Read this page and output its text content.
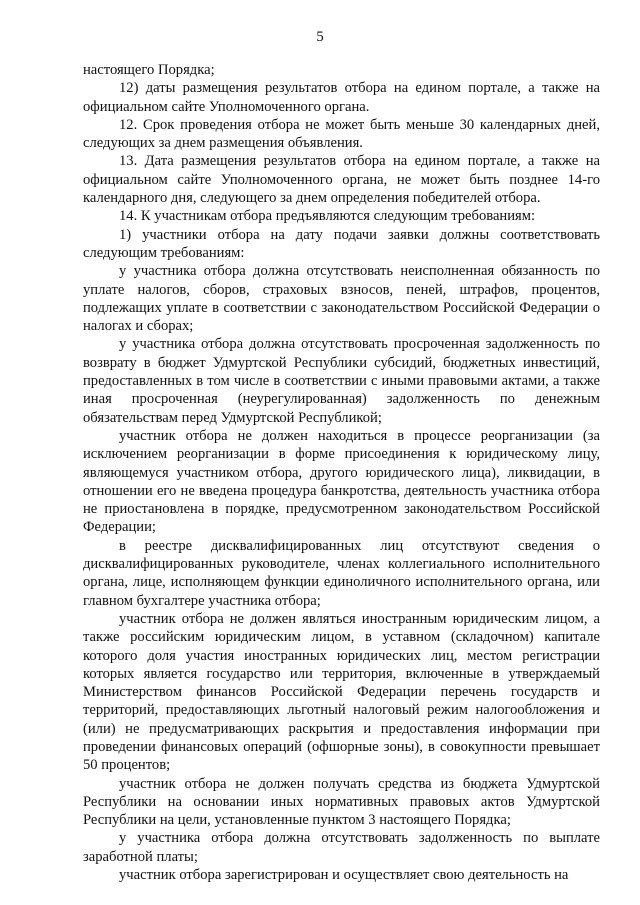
5

настоящего Порядка;

12) даты размещения результатов отбора на едином портале, а также на официальном сайте Уполномоченного органа.

12. Срок проведения отбора не может быть меньше 30 календарных дней, следующих за днем размещения объявления.

13. Дата размещения результатов отбора на едином портале, а также на официальном сайте Уполномоченного органа, не может быть позднее 14-го календарного дня, следующего за днем определения победителей отбора.

14. К участникам отбора предъявляются следующим требованиям:

1) участники отбора на дату подачи заявки должны соответствовать следующим требованиям:

у участника отбора должна отсутствовать неисполненная обязанность по уплате налогов, сборов, страховых взносов, пеней, штрафов, процентов, подлежащих уплате в соответствии с законодательством Российской Федерации о налогах и сборах;

у участника отбора должна отсутствовать просроченная задолженность по возврату в бюджет Удмуртской Республики субсидий, бюджетных инвестиций, предоставленных в том числе в соответствии с иными правовыми актами, а также иная просроченная (неурегулированная) задолженность по денежным обязательствам перед Удмуртской Республикой;

участник отбора не должен находиться в процессе реорганизации (за исключением реорганизации в форме присоединения к юридическому лицу, являющемуся участником отбора, другого юридического лица), ликвидации, в отношении его не введена процедура банкротства, деятельность участника отбора не приостановлена в порядке, предусмотренном законодательством Российской Федерации;

в реестре дисквалифицированных лиц отсутствуют сведения о дисквалифицированных руководителе, членах коллегиального исполнительного органа, лице, исполняющем функции единоличного исполнительного органа, или главном бухгалтере участника отбора;

участник отбора не должен являться иностранным юридическим лицом, а также российским юридическим лицом, в уставном (складочном) капитале которого доля участия иностранных юридических лиц, местом регистрации которых является государство или территория, включенные в утверждаемый Министерством финансов Российской Федерации перечень государств и территорий, предоставляющих льготный налоговый режим налогообложения и (или) не предусматривающих раскрытия и предоставления информации при проведении финансовых операций (офшорные зоны), в совокупности превышает 50 процентов;

участник отбора не должен получать средства из бюджета Удмуртской Республики на основании иных нормативных правовых актов Удмуртской Республики на цели, установленные пунктом 3 настоящего Порядка;

у участника отбора должна отсутствовать задолженность по выплате заработной платы;

участник отбора зарегистрирован и осуществляет свою деятельность на
